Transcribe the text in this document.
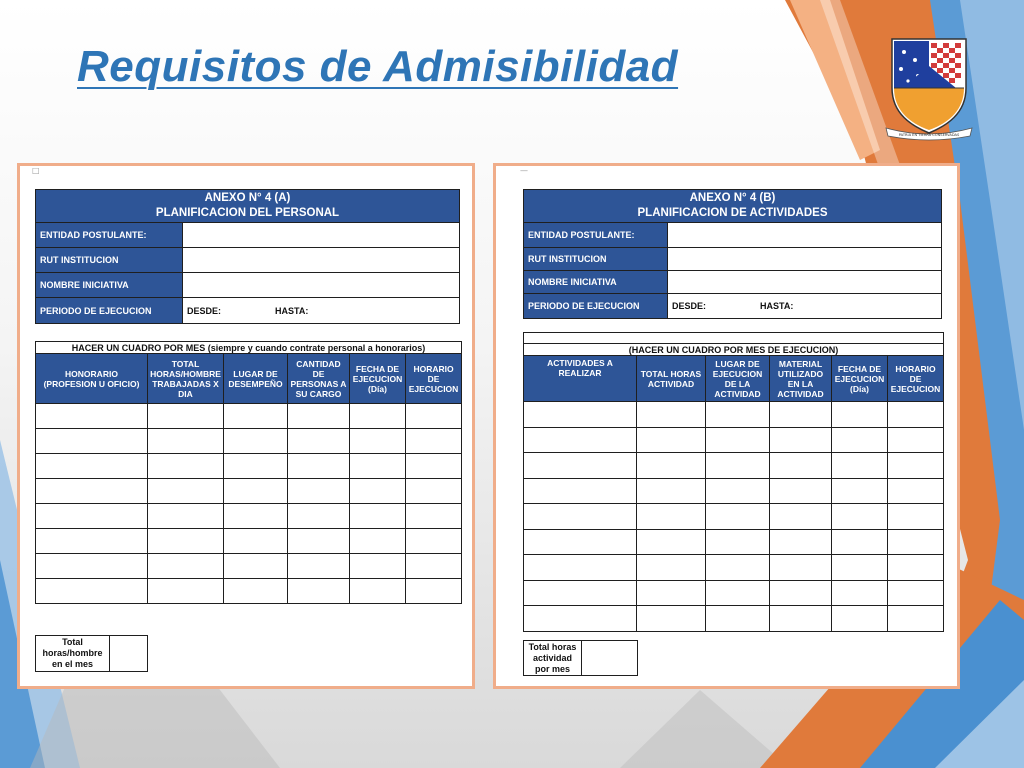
Requisitos de Admisibilidad
PATRIA EN TIERRA CONSERVADAS
□
ANEXO N° 4 (A)
PLANIFICACION DEL PERSONAL	

ENTIDAD POSTULANTE:	
RUT INSTITUCION	
NOMBRE INICIATIVA	
PERIODO DE EJECUCION	DESDE: HASTA:
HACER UN CUADRO POR MES (siempre y cuando contrate personal a honorarios)					
HONORARIO (PROFESION U OFICIO)	TOTAL HORAS/HOMBRE TRABAJADAS X DIA	LUGAR DE DESEMPEÑO	CANTIDAD DE PERSONAS A SU CARGO	FECHA DE EJECUCION (Día)	HORARIO DE EJECUCION

Total horas/hombre en el mes	
—
ANEXO N° 4 (B)
PLANIFICACION DE ACTIVIDADES	

ENTIDAD POSTULANTE:	
RUT INSTITUCION	
NOMBRE INICIATIVA	
PERIODO DE EJECUCION	DESDE: HASTA:

(HACER UN CUADRO POR MES DE EJECUCION)					
ACTIVIDADES A REALIZAR	TOTAL HORAS ACTIVIDAD	LUGAR DE EJECUCION DE LA ACTIVIDAD	MATERIAL UTILIZADO EN LA ACTIVIDAD	FECHA DE EJECUCION (Día)	HORARIO DE EJECUCION

Total horas actividad por mes	
